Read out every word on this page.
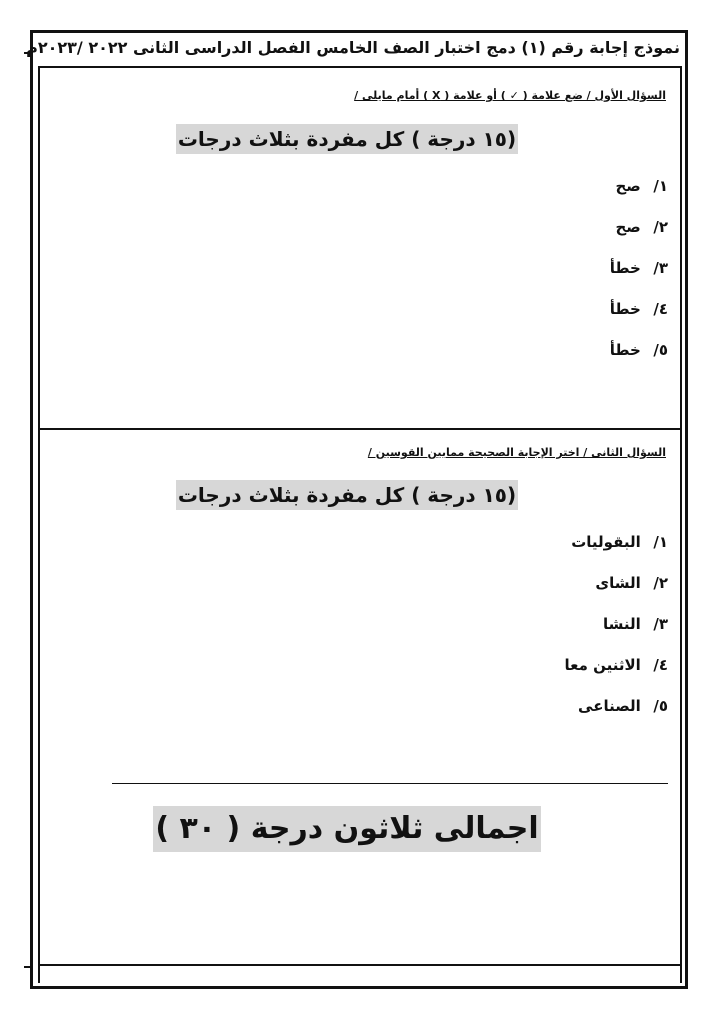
نموذج إجابة رقم (١) دمج اختبار الصف الخامس الفصل الدراسى الثانى ٢٠٢٢ /٢٠٢٣م
السؤال الأول / ضع علامة ( ✓ ) أو علامة ( X ) أمام مايلى /
(١٥ درجة ) كل مفردة بثلاث درجات
١/ صح
٢/ صح
٣/ خطأ
٤/ خطأ
٥/ خطأ
السؤال الثانى / اختر الإجابة الصحيحة ممابين القوسين /
(١٥ درجة ) كل مفردة بثلاث درجات
١/ البقوليات
٢/ الشاى
٣/ النشا
٤/ الاثنين معا
٥/ الصناعى
اجمالى ثلاثون درجة ( ٣٠ )
